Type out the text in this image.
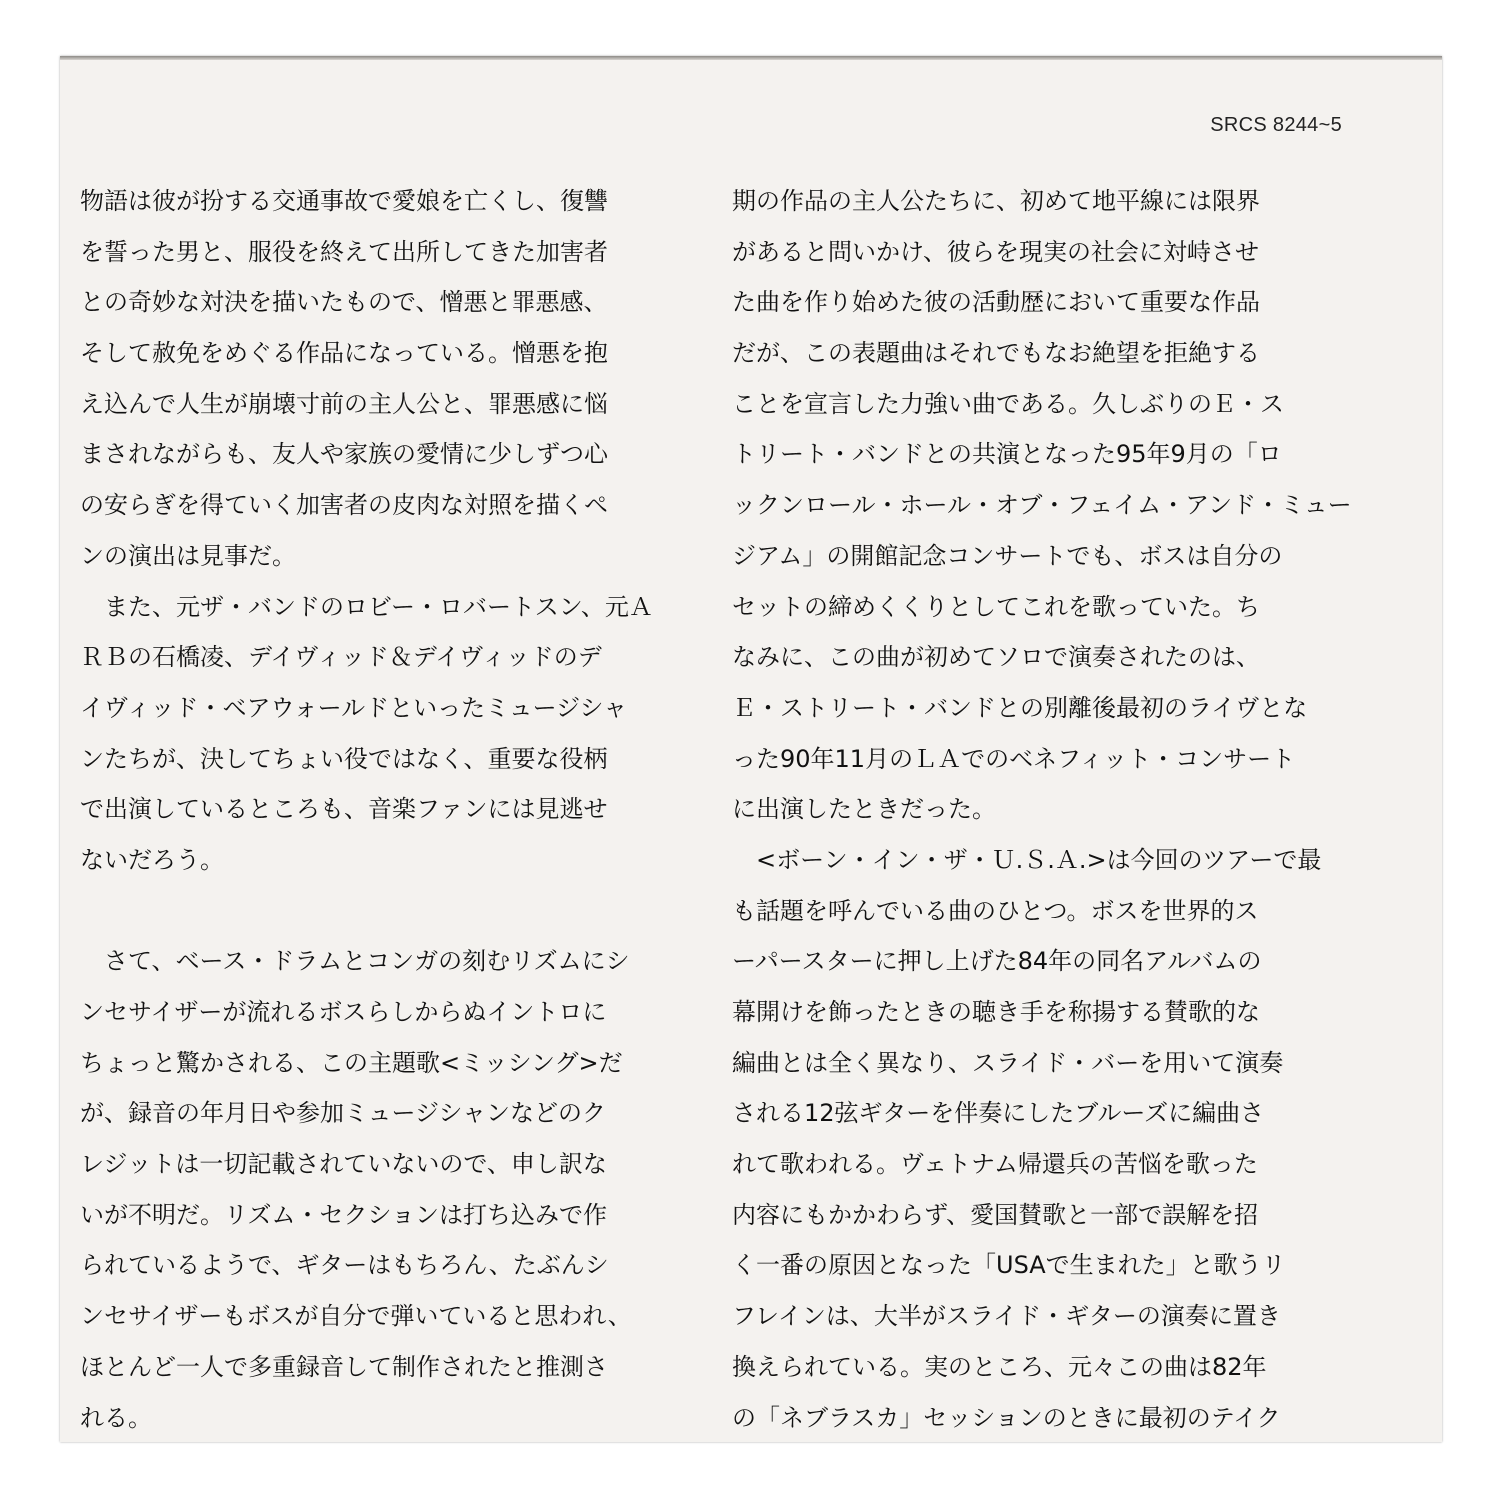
SRCS 8244~5
物語は彼が扮する交通事故で愛娘を亡くし、復讐
を誓った男と、服役を終えて出所してきた加害者
との奇妙な対決を描いたもので、憎悪と罪悪感、
そして赦免をめぐる作品になっている。憎悪を抱
え込んで人生が崩壊寸前の主人公と、罪悪感に悩
まされながらも、友人や家族の愛情に少しずつ心
の安らぎを得ていく加害者の皮肉な対照を描くペ
ンの演出は見事だ。
　また、元ザ・バンドのロビー・ロバートスン、元Ａ
ＲＢの石橋凌、デイヴィッド＆デイヴィッドのデ
イヴィッド・ベアウォールドといったミュージシャ
ンたちが、決してちょい役ではなく、重要な役柄
で出演しているところも、音楽ファンには見逃せ
ないだろう。
　さて、ベース・ドラムとコンガの刻むリズムにシ
ンセサイザーが流れるボスらしからぬイントロに
ちょっと驚かされる、この主題歌<ミッシング>だ
が、録音の年月日や参加ミュージシャンなどのク
レジットは一切記載されていないので、申し訳な
いが不明だ。リズム・セクションは打ち込みで作
られているようで、ギターはもちろん、たぶんシ
ンセサイザーもボスが自分で弾いていると思われ、
ほとんど一人で多重録音して制作されたと推測さ
れる。
期の作品の主人公たちに、初めて地平線には限界
があると問いかけ、彼らを現実の社会に対峙させ
た曲を作り始めた彼の活動歴において重要な作品
だが、この表題曲はそれでもなお絶望を拒絶する
ことを宣言した力強い曲である。久しぶりのＥ・ス
トリート・バンドとの共演となった95年9月の「ロ
ックンロール・ホール・オブ・フェイム・アンド・ミュー
ジアム」の開館記念コンサートでも、ボスは自分の
セットの締めくくりとしてこれを歌っていた。ち
なみに、この曲が初めてソロで演奏されたのは、
Ｅ・ストリート・バンドとの別離後最初のライヴとな
った90年11月のＬＡでのベネフィット・コンサート
に出演したときだった。
　<ボーン・イン・ザ・Ｕ.Ｓ.Ａ.>は今回のツアーで最
も話題を呼んでいる曲のひとつ。ボスを世界的ス
ーパースターに押し上げた84年の同名アルバムの
幕開けを飾ったときの聴き手を称揚する賛歌的な
編曲とは全く異なり、スライド・バーを用いて演奏
される12弦ギターを伴奏にしたブルーズに編曲さ
れて歌われる。ヴェトナム帰還兵の苦悩を歌った
内容にもかかわらず、愛国賛歌と一部で誤解を招
く一番の原因となった「USAで生まれた」と歌うリ
フレインは、大半がスライド・ギターの演奏に置き
換えられている。実のところ、元々この曲は82年
の「ネブラスカ」セッションのときに最初のテイク
